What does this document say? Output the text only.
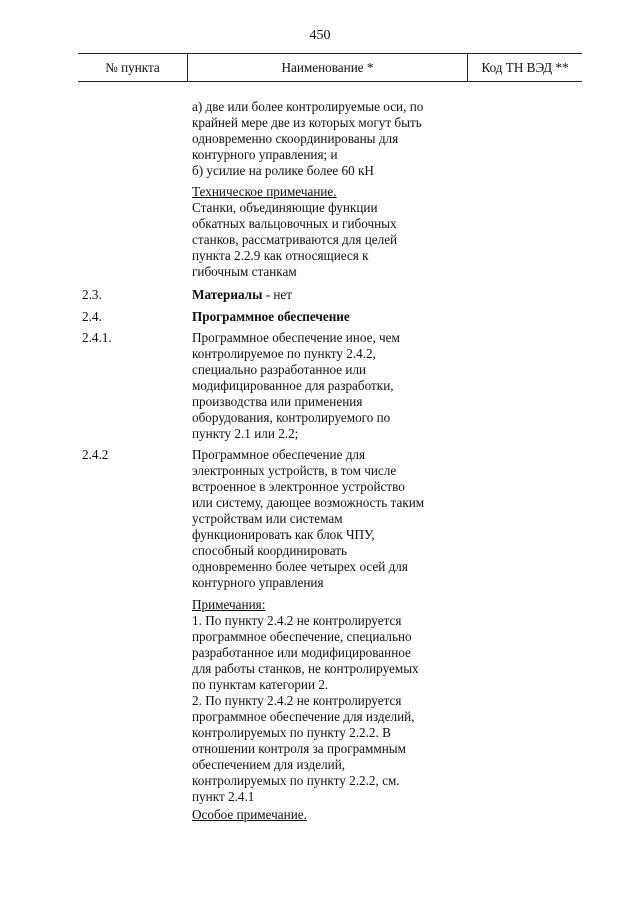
450
№ пункта	Наименование *	Код ТН ВЭД **
а) две или более контролируемые оси, по
крайней мере две из которых могут быть
одновременно скоординированы для
контурного управления; и
б) усилие на ролике более 60 кН
Техническое примечание.
Станки, объединяющие функции
обкатных вальцовочных и гибочных
станков, рассматриваются для целей
пункта 2.2.9 как относящиеся к
гибочным станкам
2.3.	Материалы - нет
2.4.	Программное обеспечение
2.4.1.	Программное обеспечение иное, чем
контролируемое по пункту 2.4.2,
специально разработанное или
модифицированное для разработки,
производства или применения
оборудования, контролируемого по
пункту 2.1 или 2.2;
2.4.2	Программное обеспечение для
электронных устройств, в том числе
встроенное в электронное устройство
или систему, дающее возможность таким
устройствам или системам
функционировать как блок ЧПУ,
способный координировать
одновременно более четырех осей для
контурного управления
Примечания:
1. По пункту 2.4.2 не контролируется
программное обеспечение, специально
разработанное или модифицированное
для работы станков, не контролируемых
по пунктам категории 2.
2. По пункту 2.4.2 не контролируется
программное обеспечение для изделий,
контролируемых по пункту 2.2.2. В
отношении контроля за программным
обеспечением для изделий,
контролируемых по пункту 2.2.2, см.
пункт 2.4.1
Особое примечание.
